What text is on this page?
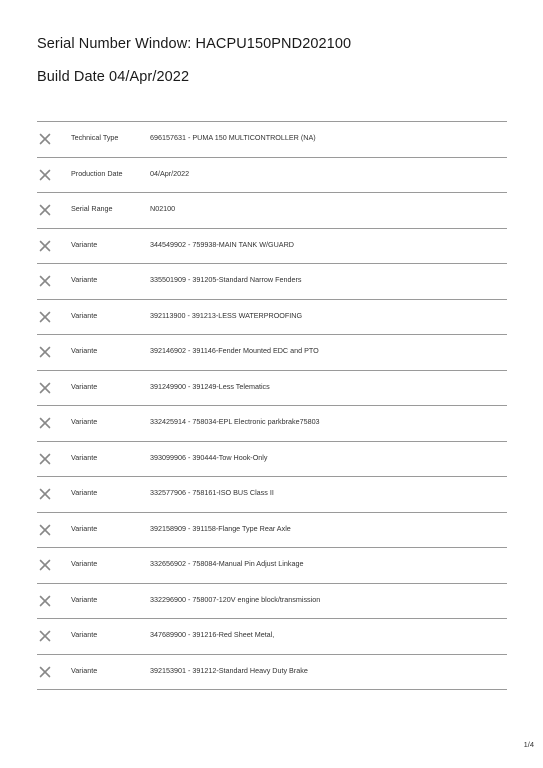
Serial Number Window: HACPU150PND202100
Build Date 04/Apr/2022
Technical Type	696157631 - PUMA 150 MULTICONTROLLER (NA)
Production Date	04/Apr/2022
Serial Range	N02100
Variante	344549902 - 759938-MAIN TANK W/GUARD
Variante	335501909 - 391205-Standard Narrow Fenders
Variante	392113900 - 391213-LESS WATERPROOFING
Variante	392146902 - 391146-Fender Mounted EDC and PTO
Variante	391249900 - 391249-Less Telematics
Variante	332425914 - 758034-EPL Electronic parkbrake75803
Variante	393099906 - 390444-Tow Hook-Only
Variante	332577906 - 758161-ISO BUS Class II
Variante	392158909 - 391158-Flange Type Rear Axle
Variante	332656902 - 758084-Manual Pin Adjust Linkage
Variante	332296900 - 758007-120V engine block/transmission
Variante	347689900 - 391216-Red Sheet Metal,
Variante	392153901 - 391212-Standard Heavy Duty Brake
1/4
